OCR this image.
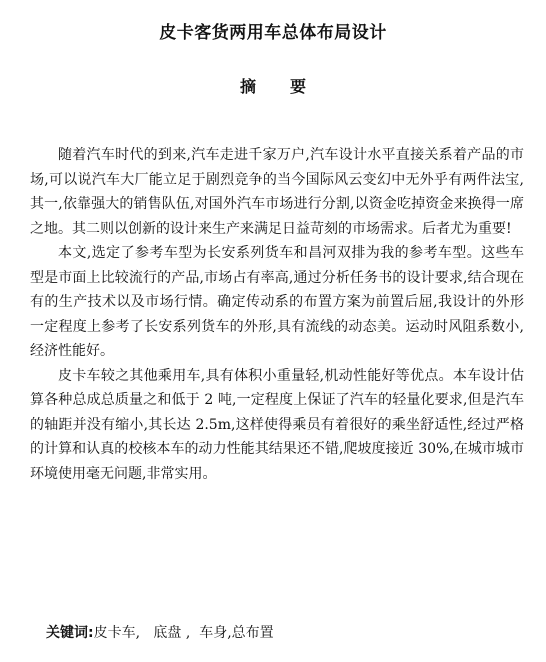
皮卡客货两用车总体布局设计
摘要

随着汽车时代的到来,汽车走进千家万户,汽车设计水平直接关系着产品的市场,可以说汽车大厂能立足于剧烈竞争的当今国际风云变幻中无外乎有两件法宝,其一,依靠强大的销售队伍,对国外汽车市场进行分割,以资金吃掉资金来换得一席之地。其二则以创新的设计来生产来满足日益苛刻的市场需求。后者尤为重要!

本文,选定了参考车型为长安系列货车和昌河双排为我的参考车型。这些车型是市面上比较流行的产品,市场占有率高,通过分析任务书的设计要求,结合现在有的生产技术以及市场行情。确定传动系的布置方案为前置后屈,我设计的外形一定程度上参考了长安系列货车的外形,具有流线的动态美。运动时风阻系数小,经济性能好。

皮卡车较之其他乘用车,具有体积小重量轻,机动性能好等优点。本车设计估算各种总成总质量之和低于 2 吨,一定程度上保证了汽车的轻量化要求,但是汽车的轴距并没有缩小,其长达 2.5m,这样使得乘员有着很好的乘坐舒适性,经过严格的计算和认真的校核本车的动力性能其结果还不错,爬坡度接近 30%,在城市城市环境使用毫无问题,非常实用。

关键词:皮卡车,   底盘 ,  车身,总布置
